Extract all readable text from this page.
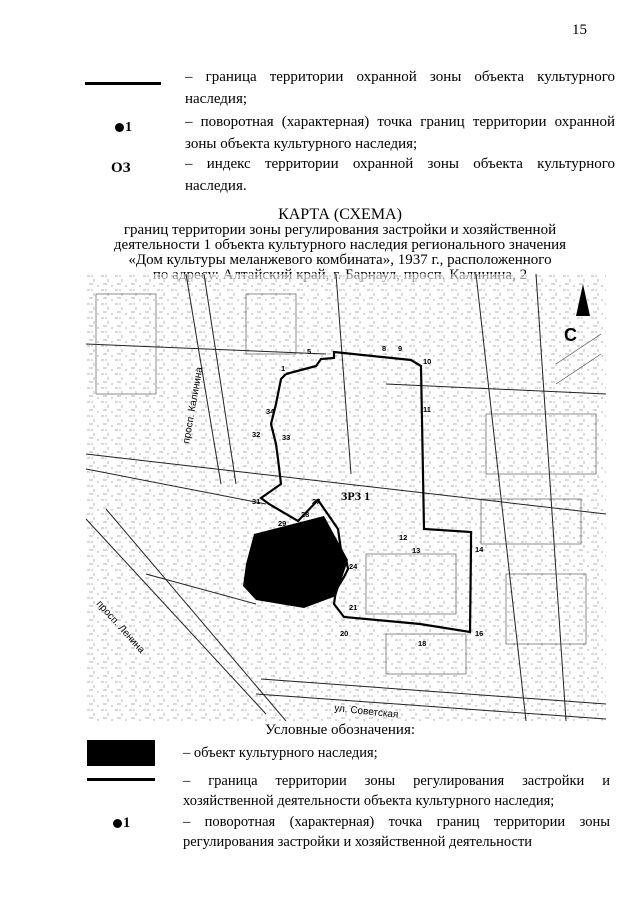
15
– граница территории охранной зоны объекта культурного наследия;
1	– поворотная (характерная) точка границ территории охранной зоны объекта культурного наследия;
ОЗ	– индекс территории охранной зоны объекта культурного наследия.
КАРТА (СХЕМА)
границ территории зоны регулирования застройки и хозяйственной
деятельности 1 объекта культурного наследия регионального значения
«Дом культуры меланжевого комбината», 1937 г., расположенного
С
ЗРЗ 1
просп. Калинина
просп. Ленина
ул. Советская
1
5	8 9
10
11
12
13	14
16
18
20
21
24
27
28
29
31
32	33
34
Условные обозначения:
– объект культурного наследия;
– граница территории зоны регулирования застройки и хозяйственной деятельности объекта культурного наследия;
1	– поворотная (характерная) точка границ территории зоны регулирования застройки и хозяйственной деятельности
